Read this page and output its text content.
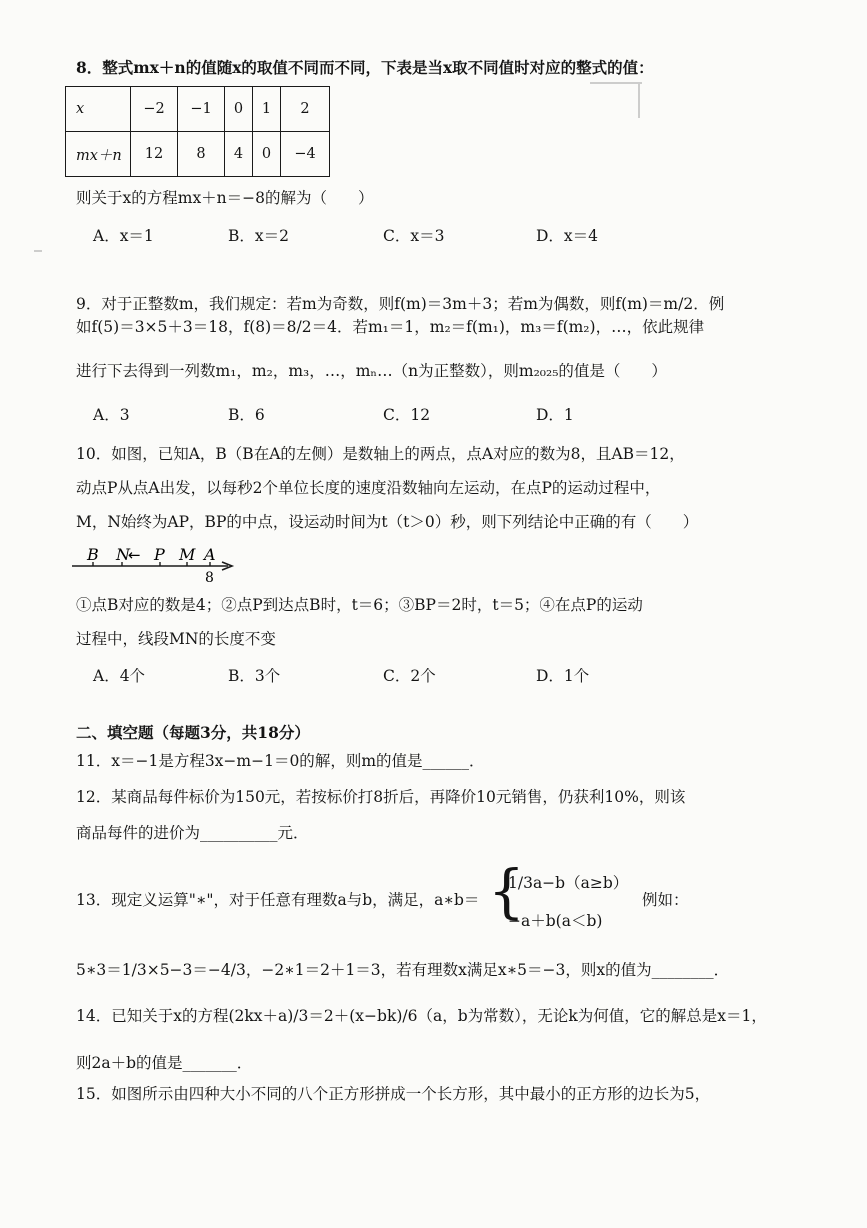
8．整式mx＋n的值随x的取值不同而不同，下表是当x取不同值时对应的整式的值：
x	−2	−1	0	1	2
mx＋n	12	8	4	0	−4
则关于x的方程mx＋n＝−8的解为（　　）
A．x＝1	B．x＝2	C．x＝3	D．x＝4
9．对于正整数m，我们规定：若m为奇数，则f(m)＝3m＋3；若m为偶数，则f(m)＝m/2．例
如f(5)＝3×5＋3＝18，f(8)＝8/2＝4．若m₁＝1，m₂＝f(m₁)，m₃＝f(m₂)，…，依此规律
进行下去得到一列数m₁，m₂，m₃，…，mₙ…（n为正整数），则m₂₀₂₅的值是（　　）
A．3	B．6	C．12	D．1
10．如图，已知A，B（B在A的左侧）是数轴上的两点，点A对应的数为8，且AB＝12，
动点P从点A出发，以每秒2个单位长度的速度沿数轴向左运动，在点P的运动过程中，
M，N始终为AP，BP的中点，设运动时间为t（t＞0）秒，则下列结论中正确的有（　　）
B N
← P M A
8
①点B对应的数是4；②点P到达点B时，t＝6；③BP＝2时，t＝5；④在点P的运动
过程中，线段MN的长度不变
A．4个	B．3个	C．2个	D．1个
二、填空题（每题3分，共18分）
11．x＝−1是方程3x−m−1＝0的解，则m的值是______．
12．某商品每件标价为150元，若按标价打8折后，再降价10元销售，仍获利10%，则该
商品每件的进价为__________元．
13．现定义运算"∗"，对于任意有理数a与b，满足，a∗b＝ {
1/3a−b（a≥b）
−a＋b(a＜b)
例如：
5∗3＝1/3×5−3＝−4/3，−2∗1＝2＋1＝3，若有理数x满足x∗5＝−3，则x的值为________．
14．已知关于x的方程(2kx＋a)/3＝2＋(x−bk)/6（a，b为常数），无论k为何值，它的解总是x＝1，
则2a＋b的值是_______．
15．如图所示由四种大小不同的八个正方形拼成一个长方形，其中最小的正方形的边长为5，
